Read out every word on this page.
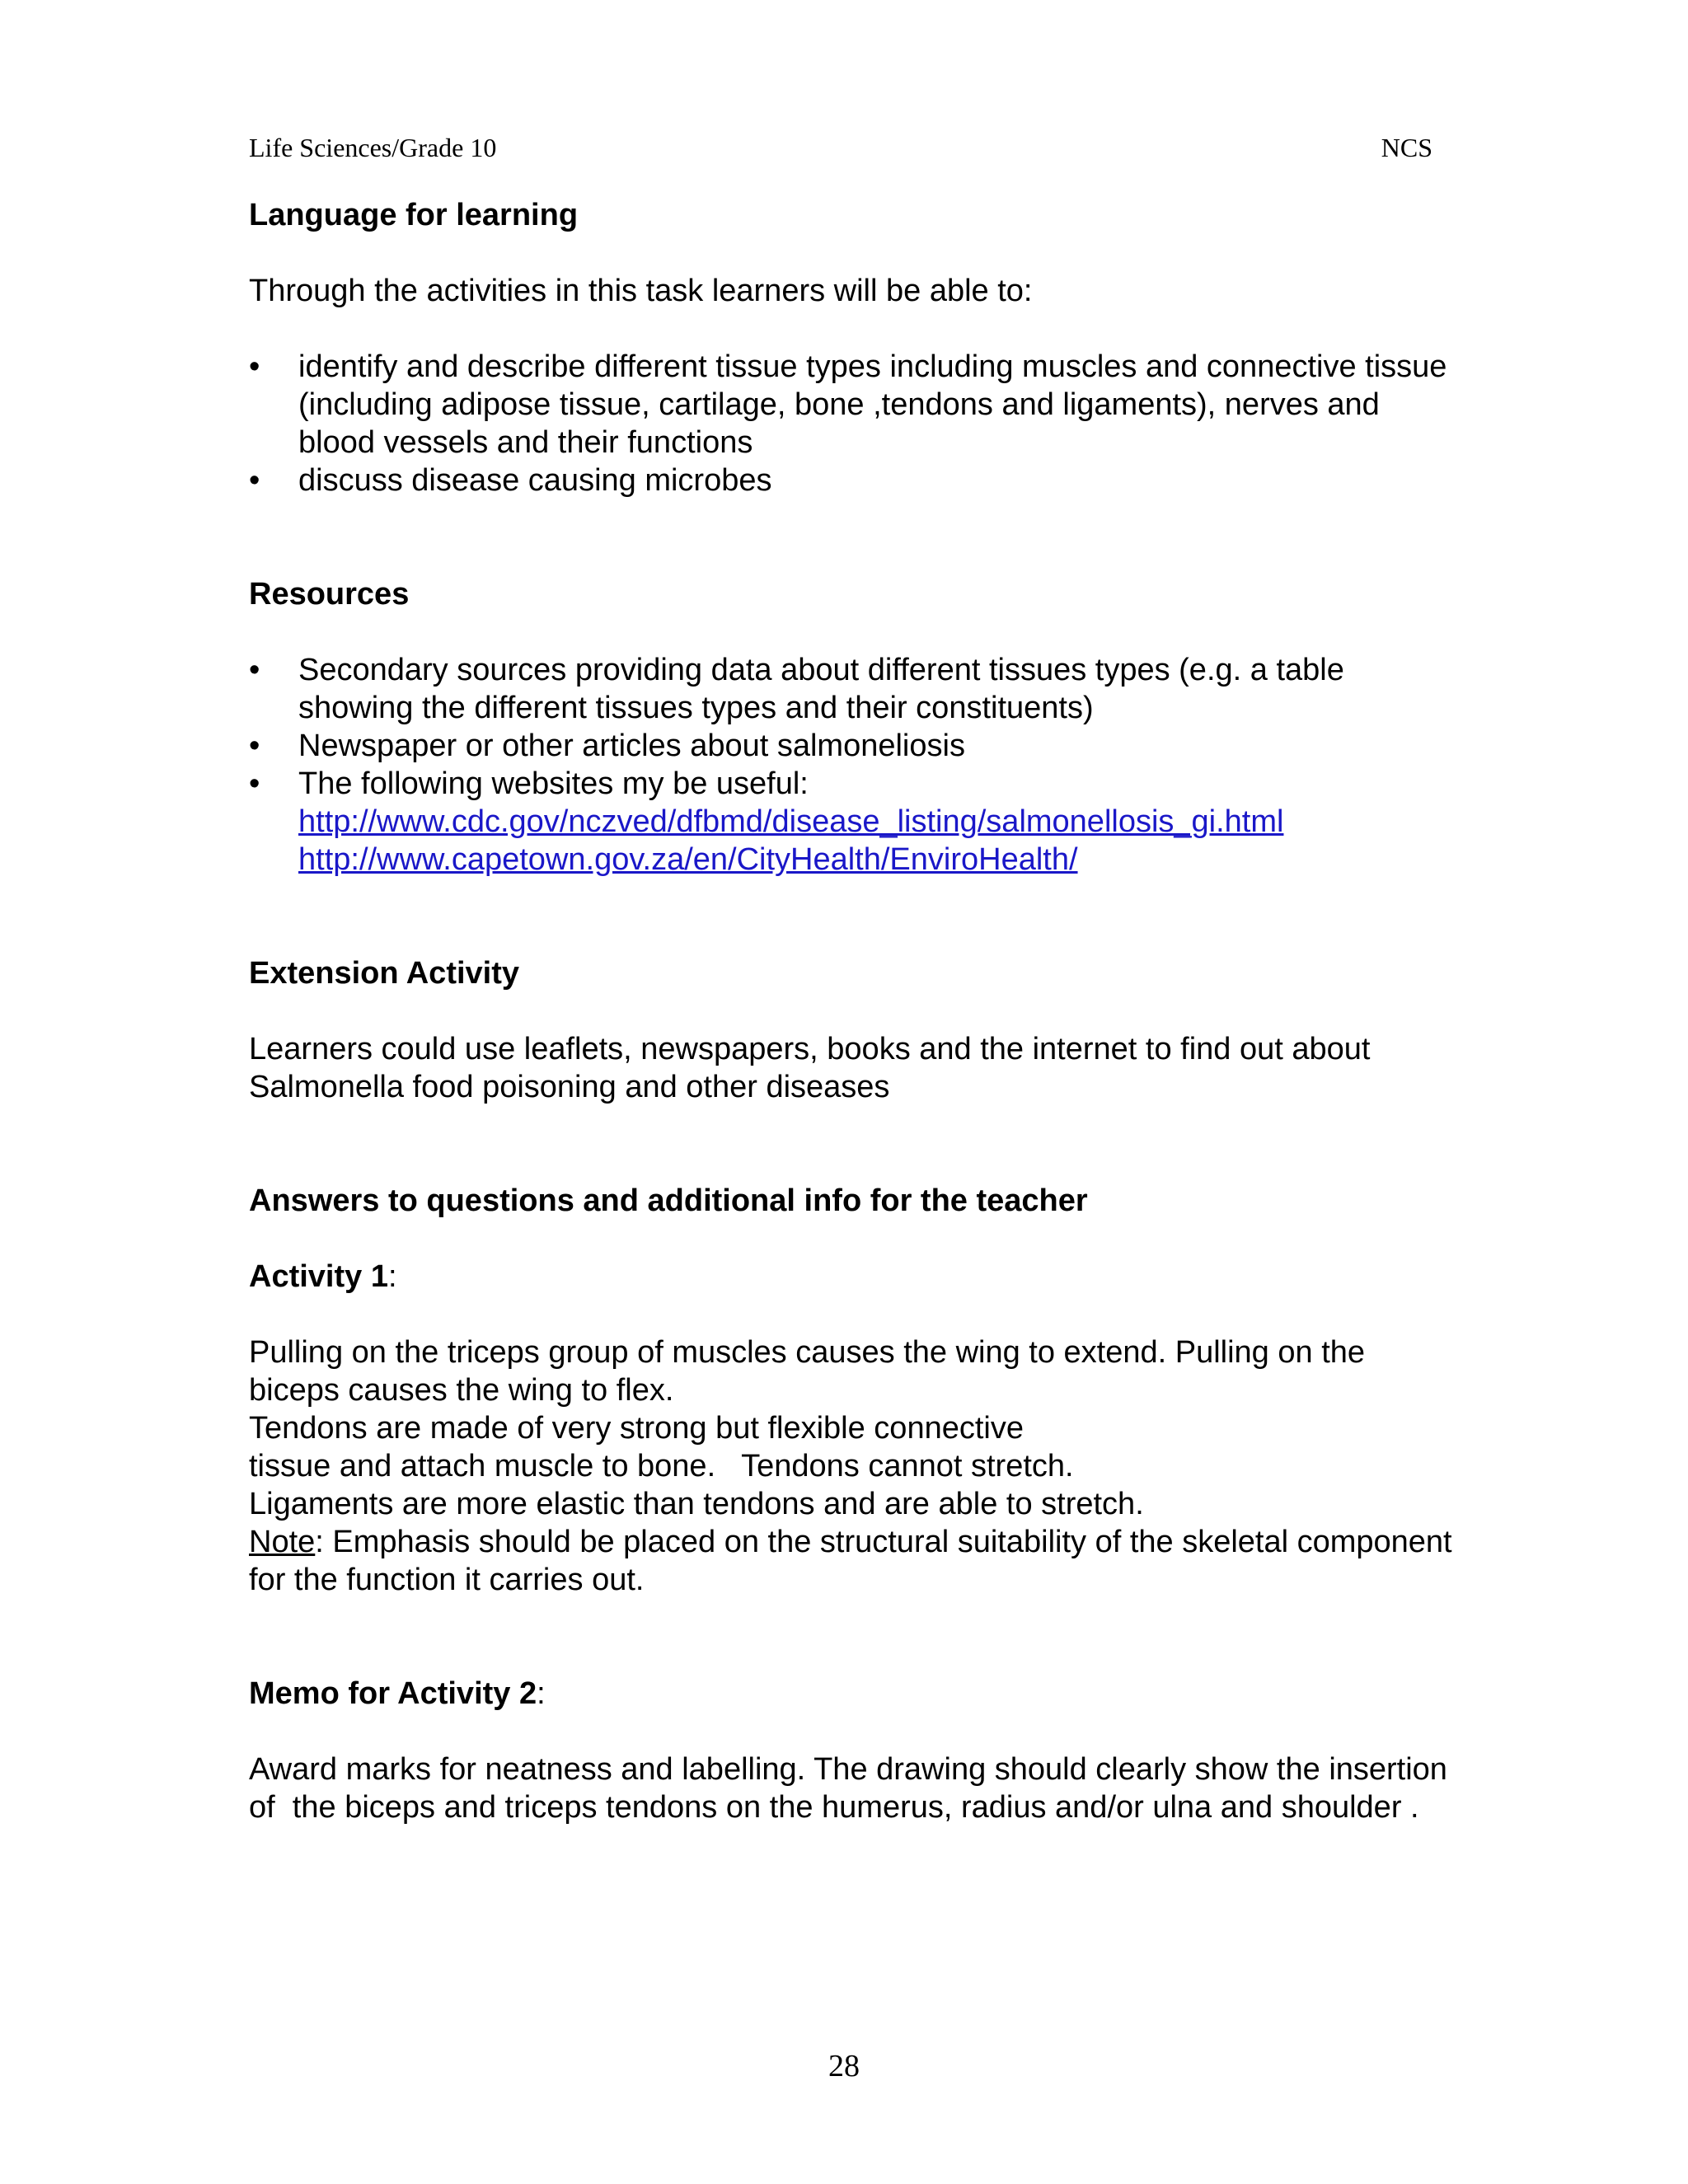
Life Sciences/Grade 10	NCS

Language for learning

Through the activities in this task learners will be able to:

•	identify and describe different tissue types including muscles and connective tissue (including adipose tissue, cartilage, bone ,tendons and ligaments), nerves and blood vessels and their functions
•	discuss disease causing microbes

Resources

•	Secondary sources providing data about different tissues types (e.g. a table showing the different tissues types and their constituents)
•	Newspaper or other articles about salmoneliosis
•	The following websites my be useful:
http://www.cdc.gov/nczved/dfbmd/disease_listing/salmonellosis_gi.html
http://www.capetown.gov.za/en/CityHealth/EnviroHealth/

Extension Activity

Learners could use leaflets, newspapers, books and the internet to find out about Salmonella food poisoning and other diseases

Answers to questions and additional info for the teacher

Activity 1:

Pulling on the triceps group of muscles causes the wing to extend. Pulling on the biceps causes the wing to flex.

Tendons are made of very strong but flexible connective

tissue and attach muscle to bone.   Tendons cannot stretch.

Ligaments are more elastic than tendons and are able to stretch.

Note: Emphasis should be placed on the structural suitability of the skeletal component for the function it carries out.

Memo for Activity 2:

Award marks for neatness and labelling. The drawing should clearly show the insertion of  the biceps and triceps tendons on the humerus, radius and/or ulna and shoulder .

28
